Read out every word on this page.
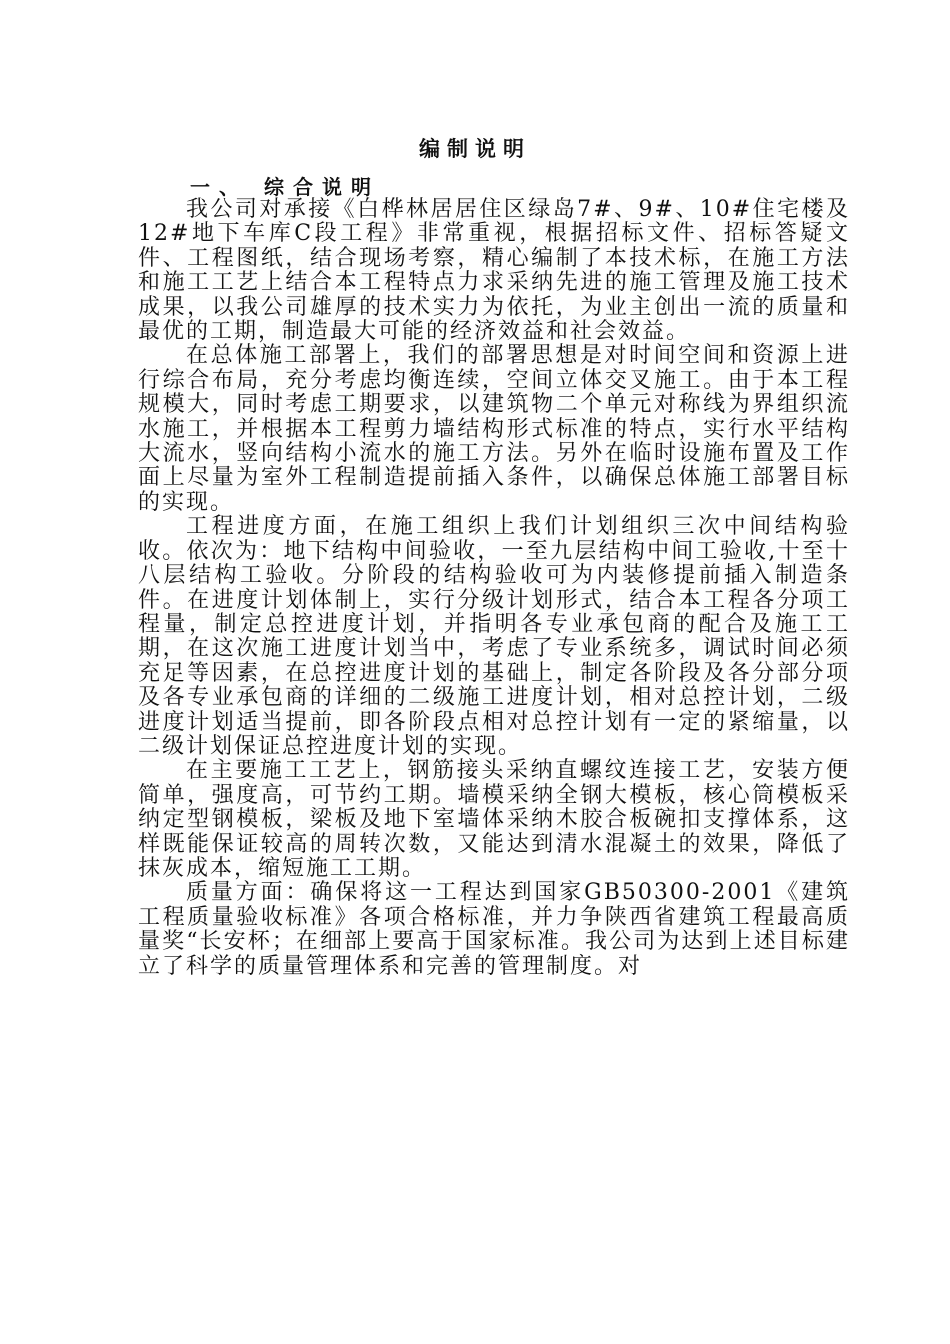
编制说明
一、 综合说明

我公司对承接《白桦林居居住区绿岛7#、9#、10#住宅楼及12#地下车库C段工程》非常重视，根据招标文件、招标答疑文件、工程图纸，结合现场考察，精心编制了本技术标，在施工方法和施工工艺上结合本工程特点力求采纳先进的施工管理及施工技术成果，以我公司雄厚的技术实力为依托，为业主创出一流的质量和最优的工期，制造最大可能的经济效益和社会效益。

在总体施工部署上，我们的部署思想是对时间空间和资源上进行综合布局，充分考虑均衡连续，空间立体交叉施工。由于本工程规模大，同时考虑工期要求，以建筑物二个单元对称线为界组织流水施工，并根据本工程剪力墙结构形式标准的特点，实行水平结构大流水，竖向结构小流水的施工方法。另外在临时设施布置及工作面上尽量为室外工程制造提前插入条件，以确保总体施工部署目标的实现。

工程进度方面，在施工组织上我们计划组织三次中间结构验收。依次为：地下结构中间验收，一至九层结构中间工验收,十至十八层结构工验收。分阶段的结构验收可为内装修提前插入制造条件。在进度计划体制上，实行分级计划形式，结合本工程各分项工程量，制定总控进度计划，并指明各专业承包商的配合及施工工期，在这次施工进度计划当中，考虑了专业系统多，调试时间必须充足等因素，在总控进度计划的基础上，制定各阶段及各分部分项及各专业承包商的详细的二级施工进度计划，相对总控计划，二级进度计划适当提前，即各阶段点相对总控计划有一定的紧缩量，以二级计划保证总控进度计划的实现。

在主要施工工艺上，钢筋接头采纳直螺纹连接工艺，安装方便简单，强度高，可节约工期。墙模采纳全钢大模板，核心筒模板采纳定型钢模板，梁板及地下室墙体采纳木胶合板碗扣支撑体系，这样既能保证较高的周转次数，又能达到清水混凝土的效果，降低了抹灰成本，缩短施工工期。

质量方面：确保将这一工程达到国家GB50300-2001《建筑工程质量验收标准》各项合格标准，并力争陕西省建筑工程最高质量奖“长安杯；在细部上要高于国家标准。我公司为达到上述目标建立了科学的质量管理体系和完善的管理制度。对
